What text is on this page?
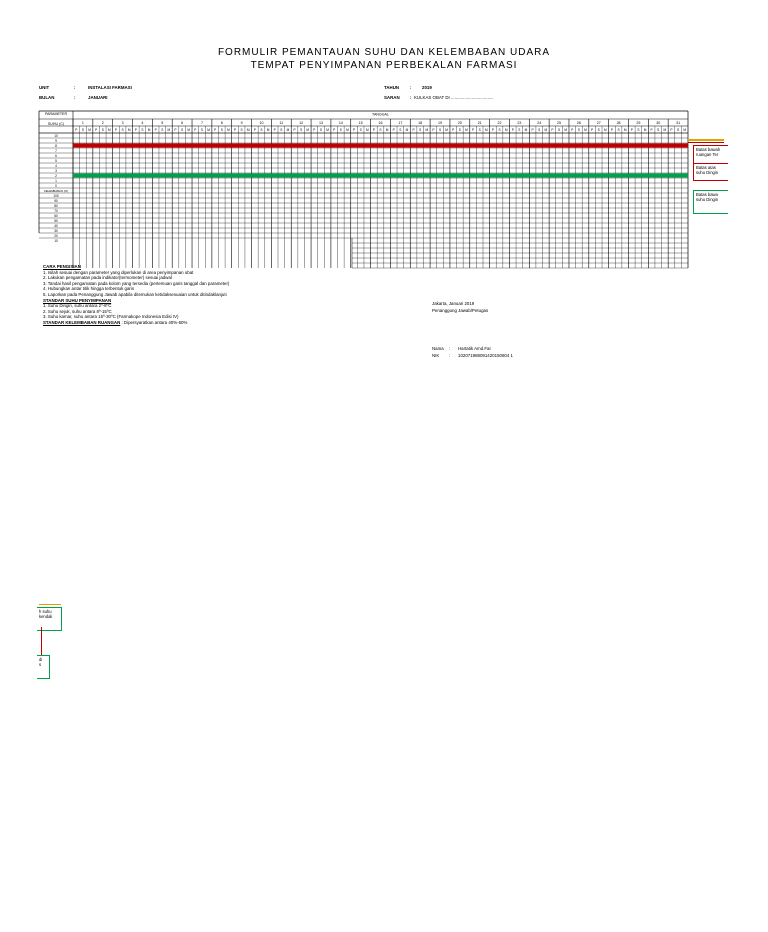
FORMULIR PEMANTAUAN SUHU DAN KELEMBABAN UDARA
TEMPAT PENYIMPANAN PERBEKALAN FARMASI
UNIT	:	INSTALASI FARMASI
BULAN	:	JANUARI
TAHUN : 2019
SARAN : KULKAS OBAT DI ...................................
PARAMETER	TANGGAL
SUHU (C)	1
P S M
2
P S M
3
P S M
4
P S M
5
P S M
6
P S M
7
P S M
8
P S M
9
P S M
10
P S M
11
P S M
12
P S M
13
P S M
14
P S M
15
P S M
16
P S M
17
P S M
18
P S M
19
P S M
20
P S M
21
P S M
22
P S M
23
P S M
24
P S M
25
P S M
26
P S M
27
P S M
28
P S M
29
P S M
30
P S M
31
P S M
10
9
8
7
6
5
4
3
2
1
0
KELEMBABAN (%)
100
90
80
70
60
50
40
30
20
10
Batas bawah
ruangan Ter
Batas atas
suhu Dingin
Batas bawa
suhu Dingin
h suhu
kendali
di
s
CARA PENGISIAN
1. Isilah sesuai dengan parameter yang diperlukan di area penyimpanan obat
2. Lakukan pengamatan pada indikator(termometer) sesuai jadwal
3. Tandai hasil pengamatan pada kolom yang tersedia (pertemuan garis tanggal dan parameter)
4. Hubungkan antar titik hingga terbentuk garis
5. Laporkan pada Penanggung Jawab apabila ditemukan ketidaksesuaian untuk ditindaklanjuti
STANDAR SUHU PENYIMPANAN
1. Suhu Dingin, suhu antara 2º-8ºC
2. Suhu sejuk, suhu antara 8º-15ºC
3. Suhu kamar, suhu antara 15º-30ºC (Farmakope Indonesia Edisi IV)
STANDAR KELEMBABAN RUANGAN : Dipersyaratkan antara 40%-60%
Jakarta, Januari 2019
Penanggung Jawab/Petugas
Nama : Hartatik Amd.Far
NIK : 102071988091420150604 1
